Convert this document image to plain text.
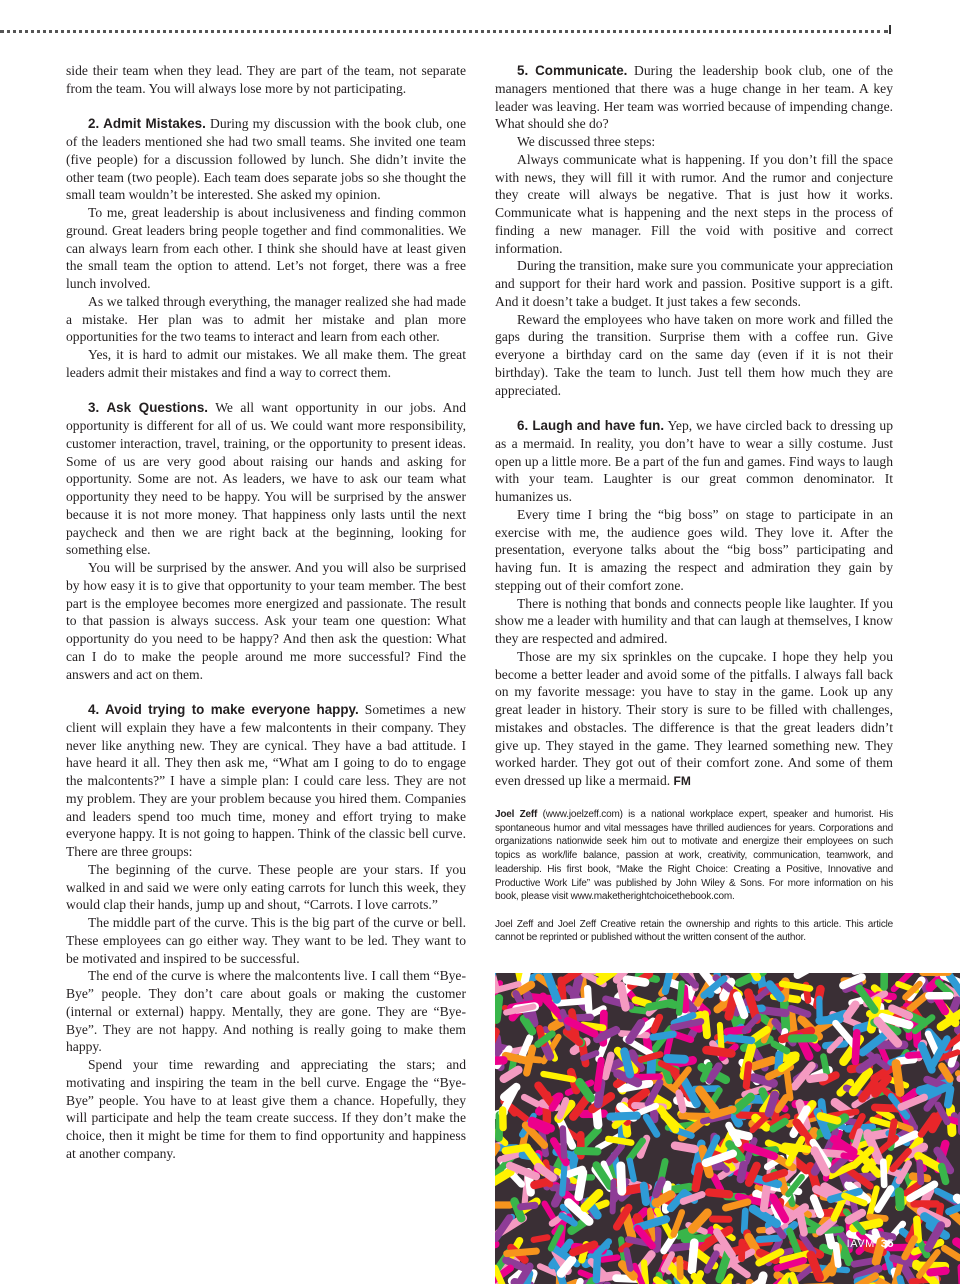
side their team when they lead. They are part of the team, not separate from the team. You will always lose more by not participating.

2. Admit Mistakes. During my discussion with the book club, one of the leaders mentioned she had two small teams. She invited one team (five people) for a discussion followed by lunch. She didn’t invite the other team (two people). Each team does separate jobs so she thought the small team wouldn’t be interested. She asked my opinion.

To me, great leadership is about inclusiveness and finding common ground. Great leaders bring people together and find commonalities. We can always learn from each other. I think she should have at least given the small team the option to attend. Let’s not forget, there was a free lunch involved.

As we talked through everything, the manager realized she had made a mistake. Her plan was to admit her mistake and plan more opportunities for the two teams to interact and learn from each other.

Yes, it is hard to admit our mistakes. We all make them. The great leaders admit their mistakes and find a way to correct them.

3. Ask Questions. We all want opportunity in our jobs. And opportunity is different for all of us. We could want more responsibility, customer interaction, travel, training, or the opportunity to present ideas. Some of us are very good about raising our hands and asking for opportunity. Some are not. As leaders, we have to ask our team what opportunity they need to be happy. You will be surprised by the answer because it is not more money. That happiness only lasts until the next paycheck and then we are right back at the beginning, looking for something else.

You will be surprised by the answer. And you will also be surprised by how easy it is to give that opportunity to your team member. The best part is the employee becomes more energized and passionate. The result to that passion is always success. Ask your team one question: What opportunity do you need to be happy? And then ask the question: What can I do to make the people around me more successful? Find the answers and act on them.

4. Avoid trying to make everyone happy. Sometimes a new client will explain they have a few malcontents in their company. They never like anything new. They are cynical. They have a bad attitude. I have heard it all. They then ask me, “What am I going to do to engage the malcontents?” I have a simple plan: I could care less. They are not my problem. They are your problem because you hired them. Companies and leaders spend too much time, money and effort trying to make everyone happy. It is not going to happen. Think of the classic bell curve. There are three groups:

The beginning of the curve. These people are your stars. If you walked in and said we were only eating carrots for lunch this week, they would clap their hands, jump up and shout, “Carrots. I love carrots.”

The middle part of the curve. This is the big part of the curve or bell. These employees can go either way. They want to be led. They want to be motivated and inspired to be successful.

The end of the curve is where the malcontents live. I call them “Bye-Bye” people. They don’t care about goals or making the customer (internal or external) happy. Mentally, they are gone. They are “Bye-Bye”. They are not happy. And nothing is really going to make them happy.

Spend your time rewarding and appreciating the stars; and motivating and inspiring the team in the bell curve. Engage the “Bye-Bye” people. You have to at least give them a chance. Hopefully, they will participate and help the team create success. If they don’t make the choice, then it might be time for them to find opportunity and happiness at another company.

5. Communicate. During the leadership book club, one of the managers mentioned that there was a huge change in her team. A key leader was leaving. Her team was worried because of impending change. What should she do?

We discussed three steps:

Always communicate what is happening. If you don’t fill the space with news, they will fill it with rumor. And the rumor and conjecture they create will always be negative. That is just how it works. Communicate what is happening and the next steps in the process of finding a new manager. Fill the void with positive and correct information.

During the transition, make sure you communicate your appreciation and support for their hard work and passion. Positive support is a gift. And it doesn’t take a budget. It just takes a few seconds.

Reward the employees who have taken on more work and filled the gaps during the transition. Surprise them with a coffee run. Give everyone a birthday card on the same day (even if it is not their birthday). Take the team to lunch. Just tell them how much they are appreciated.

6. Laugh and have fun. Yep, we have circled back to dressing up as a mermaid. In reality, you don’t have to wear a silly costume. Just open up a little more. Be a part of the fun and games. Find ways to laugh with your team. Laughter is our great common denominator. It humanizes us.

Every time I bring the “big boss” on stage to participate in an exercise with me, the audience goes wild. They love it. After the presentation, everyone talks about the “big boss” participating and having fun. It is amazing the respect and admiration they gain by stepping out of their comfort zone.

There is nothing that bonds and connects people like laughter. If you show me a leader with humility and that can laugh at themselves, I know they are respected and admired.

Those are my six sprinkles on the cupcake. I hope they help you become a better leader and avoid some of the pitfalls. I always fall back on my favorite message: you have to stay in the game. Look up any great leader in history. Their story is sure to be filled with challenges, mistakes and obstacles. The difference is that the great leaders didn’t give up. They stayed in the game. They learned something new. They worked harder. They got out of their comfort zone. And some of them even dressed up like a mermaid. FM

Joel Zeff (www.joelzeff.com) is a national workplace expert, speaker and humorist. His spontaneous humor and vital messages have thrilled audiences for years. Corporations and organizations nationwide seek him out to motivate and energize their employees on such topics as work/life balance, passion at work, creativity, communication, teamwork, and leadership. His first book, “Make the Right Choice: Creating a Positive, Innovative and Productive Work Life” was published by John Wiley & Sons. For more information on his book, please visit www.maketherightchoicethebook.com.

Joel Zeff and Joel Zeff Creative retain the ownership and rights to this article. This article cannot be reprinted or published without the written consent of the author.

IAVM 35
